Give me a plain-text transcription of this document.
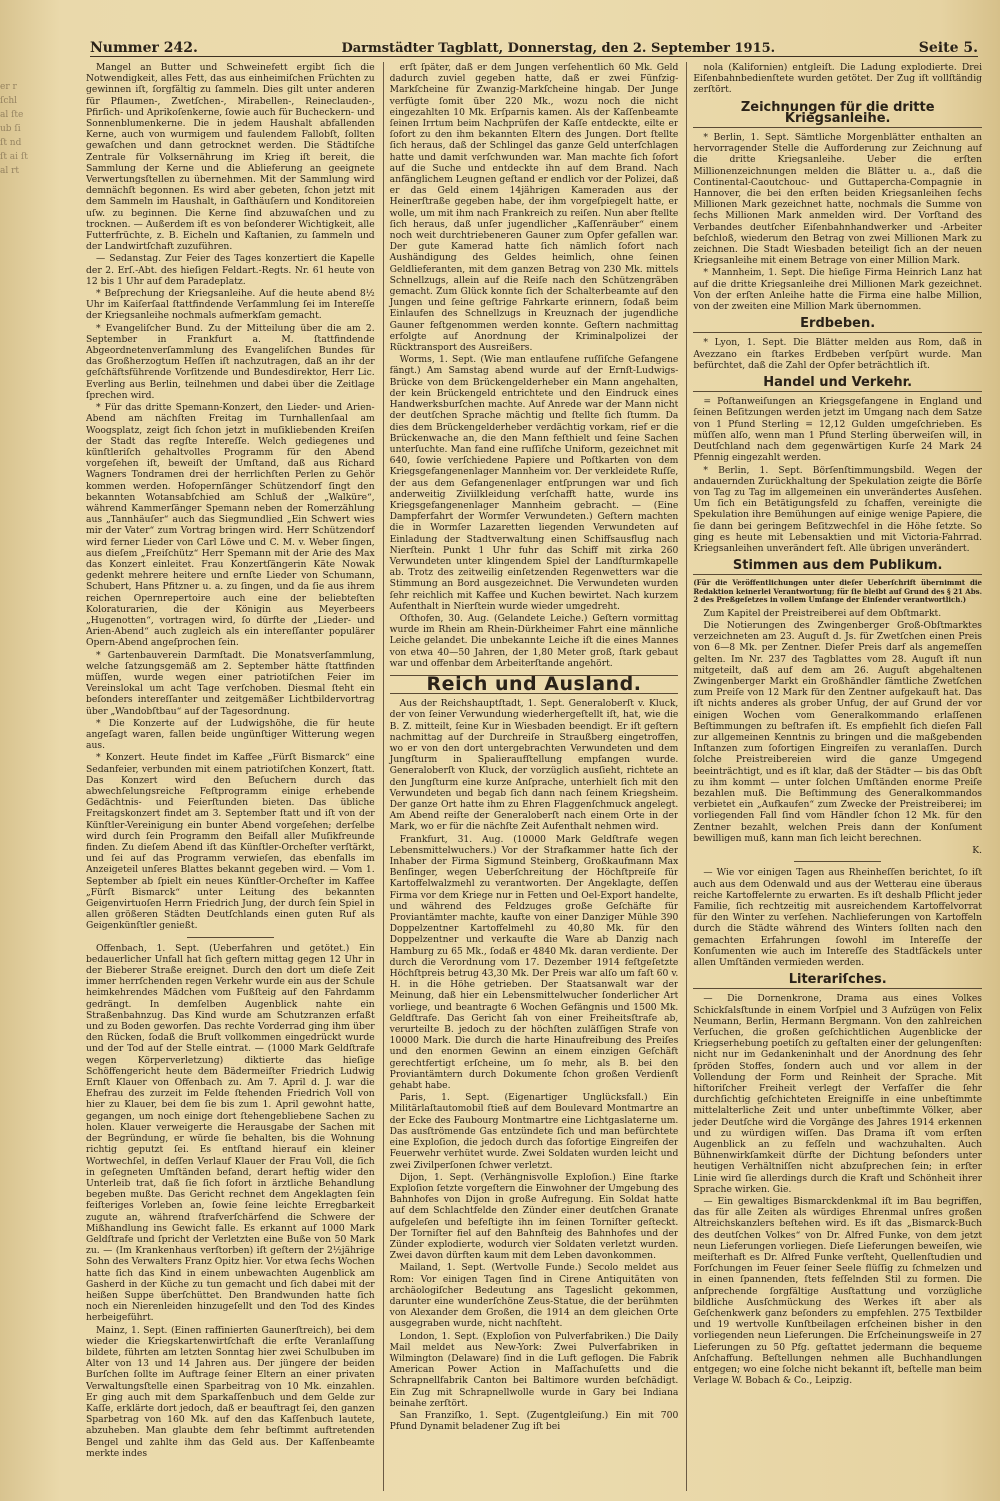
er r ſchl al ſte ub ſi ſt nd ſt ai ſt al rt
Nummer 242.	Darmstädter Tagblatt, Donnerstag, den 2. September 1915.	Seite 5.

Mangel an Butter und Schweinefett ergibt ſich die Notwendigkeit, alles Fett, das aus einheimiſchen Früchten zu gewinnen iſt, ſorgfältig zu ſammeln. Dies gilt unter anderen für Pflaumen-, Zwetſchen-, Mirabellen-, Reineclauden-, Pfirſich- und Aprikoſenkerne, ſowie auch für Bucheckern- und Sonnenblumenkerne. Die in jedem Haushalt abfallenden Kerne, auch von wurmigem und faulendem Fallobſt, ſollten gewaſchen und dann getrocknet werden. Die Städtiſche Zentrale für Volksernährung im Krieg iſt bereit, die Sammlung der Kerne und die Ablieferung an geeignete Verwertungsſtellen zu übernehmen. Mit der Sammlung wird demnächſt begonnen. Es wird aber gebeten, ſchon jetzt mit dem Sammeln im Haushalt, in Gaſthäuſern und Konditoreien uſw. zu beginnen. Die Kerne ſind abzuwaſchen und zu trocknen. — Außerdem iſt es von beſonderer Wichtigkeit, alle Futterfrüchte, z. B. Eicheln und Kaſtanien, zu ſammeln und der Landwirtſchaft zuzuführen.

— Sedanstag. Zur Feier des Tages konzertiert die Kapelle der 2. Erſ.-Abt. des hieſigen Feldart.-Regts. Nr. 61 heute von 12 bis 1 Uhr auf dem Paradeplatz.

* Beſprechung der Kriegsanleihe. Auf die heute abend 8½ Uhr im Kaiſerſaal ſtattfindende Verſammlung ſei im Intereſſe der Kriegsanleihe nochmals aufmerkſam gemacht.

* Evangeliſcher Bund. Zu der Mitteilung über die am 2. September in Frankfurt a. M. ſtattfindende Abgeordnetenverſammlung des Evangeliſchen Bundes für das Großherzogtum Heſſen iſt nachzutragen, daß an ihr der geſchäftsführende Vorſitzende und Bundesdirektor, Herr Lic. Everling aus Berlin, teilnehmen und dabei über die Zeitlage ſprechen wird.

* Für das dritte Spemann-Konzert, den Lieder- und Arien-Abend am nächſten Freitag im Turnhallenſaal am Woogsplatz, zeigt ſich ſchon jetzt in muſikliebenden Kreiſen der Stadt das regſte Intereſſe. Welch gediegenes und künſtleriſch gehaltvolles Programm für den Abend vorgeſehen iſt, beweiſt der Umſtand, daß aus Richard Wagners Tondramen drei der herrlichſten Perlen zu Gehör kommen werden. Hofopernſänger Schützendorf ſingt den bekannten Wotansabſchied am Schluß der „Walküre“, während Kammerſänger Spemann neben der Romerzählung aus „Tannhäuſer“ auch das Siegmundlied „Ein Schwert wies mir der Vater“ zum Vortrag bringen wird. Herr Schützendorf wird ferner Lieder von Carl Löwe und C. M. v. Weber ſingen, aus dieſem „Freiſchütz“ Herr Spemann mit der Arie des Max das Konzert einleitet. Frau Konzertſängerin Käte Nowak gedenkt mehrere heitere und ernſte Lieder von Schumann, Schubert, Hans Pfitzner u. a. zu ſingen, und da ſie aus ihrem reichen Opernrepertoire auch eine der beliebteſten Koloraturarien, die der Königin aus Meyerbeers „Hugenotten“, vortragen wird, ſo dürfte der „Lieder- und Arien-Abend“ auch zugleich als ein intereſſanter populärer Opern-Abend angeſprochen ſein.

* Gartenbauverein Darmſtadt. Die Monatsverſammlung, welche ſatzungsgemäß am 2. September hätte ſtattfinden müſſen, wurde wegen einer patriotiſchen Feier im Vereinslokal um acht Tage verſchoben. Diesmal ſteht ein beſonders intereſſanter und zeitgemäßer Lichtbildervortrag über „Wandobſtbau“ auf der Tagesordnung.

* Die Konzerte auf der Ludwigshöhe, die für heute angeſagt waren, fallen beide ungünſtiger Witterung wegen aus.

* Konzert. Heute findet im Kaffee „Fürſt Bismarck“ eine Sedanfeier, verbunden mit einem patriotiſchen Konzert, ſtatt. Das Konzert wird den Beſuchern durch das abwechſelungsreiche Feſtprogramm einige erhebende Gedächtnis- und Feierſtunden bieten. Das übliche Freitagskonzert findet am 3. September ſtatt und iſt von der Künſtler-Vereinigung ein bunter Abend vorgeſehen; derſelbe wird durch ſein Programm den Beifall aller Muſikfreunde finden. Zu dieſem Abend iſt das Künſtler-Orcheſter verſtärkt, und ſei auf das Programm verwieſen, das ebenfalls im Anzeigeteil unſeres Blattes bekannt gegeben wird. — Vom 1. September ab ſpielt ein neues Künſtler-Orcheſter im Kaffee „Fürſt Bismarck“ unter Leitung des bekannten Geigenvirtuoſen Herrn Friedrich Jung, der durch ſein Spiel in allen größeren Städten Deutſchlands einen guten Ruf als Geigenkünſtler genießt.

Offenbach, 1. Sept. (Ueberfahren und getötet.) Ein bedauerlicher Unfall hat ſich geſtern mittag gegen 12 Uhr in der Bieberer Straße ereignet. Durch den dort um dieſe Zeit immer herrſchenden regen Verkehr wurde ein aus der Schule heimkehrendes Mädchen vom Fußſteig auf den Fahrdamm gedrängt. In demſelben Augenblick nahte ein Straßenbahnzug. Das Kind wurde am Schutzranzen erfaßt und zu Boden geworfen. Das rechte Vorderrad ging ihm über den Rücken, ſodaß die Bruſt vollkommen eingedrückt wurde und der Tod auf der Stelle eintrat. — (1000 Mark Geldſtrafe wegen Körperverletzung) diktierte das hieſige Schöffengericht heute dem Bädermeiſter Friedrich Ludwig Ernſt Klauer von Offenbach zu. Am 7. April d. J. war die Ehefrau des zurzeit im Felde ſtehenden Friedrich Voll von hier zu Klauer, bei dem ſie bis zum 1. April gewohnt hatte, gegangen, um noch einige dort ſtehengebliebene Sachen zu holen. Klauer verweigerte die Herausgabe der Sachen mit der Begründung, er würde ſie behalten, bis die Wohnung richtig geputzt ſei. Es entſtand hierauf ein kleiner Wortwechſel, in deſſen Verlauf Klauer der Frau Voll, die ſich in geſegneten Umſtänden befand, derart heftig wider den Unterleib trat, daß ſie ſich ſofort in ärztliche Behandlung begeben mußte. Das Gericht rechnet dem Angeklagten ſein feiſteriges Vorleben an, ſowie ſeine leichte Erregbarkeit zugute an, während ſtrafverſchärfend die Schwere der Mißhandlung ins Gewicht falle. Es erkannt auf 1000 Mark Geldſtrafe und ſpricht der Verletzten eine Buße von 50 Mark zu. — (Im Krankenhaus verſtorben) iſt geſtern der 2½jährige Sohn des Verwalters Franz Opitz hier. Vor etwa ſechs Wochen hatte ſich das Kind in einem unbewachten Augenblick am Gasherd in der Küche zu tun gemacht und ſich dabei mit der heißen Suppe überſchüttet. Den Brandwunden hatte ſich noch ein Nierenleiden hinzugeſellt und den Tod des Kindes herbeigeführt.

Mainz, 1. Sept. (Einen raffinierten Gaunerſtreich), bei dem wieder die Kriegskartenwirtſchaft die erſte Veranlaſſung bildete, führten am letzten Sonntag hier zwei Schulbuben im Alter von 13 und 14 Jahren aus. Der jüngere der beiden Burſchen ſollte im Auftrage ſeiner Eltern an einer privaten Verwaltungsſtelle einen Sparbeitrag von 10 Mk. einzahlen. Er ging auch mit dem Sparkaſſenbuch und dem Gelde zur Kaſſe, erklärte dort jedoch, daß er beauftragt ſei, den ganzen Sparbetrag von 160 Mk. auf den das Kaſſenbuch lautete, abzuheben. Man glaubte dem ſehr beſtimmt auftretenden Bengel und zahlte ihm das Geld aus. Der Kaſſenbeamte merkte indes

erſt ſpäter, daß er dem Jungen verſehentlich 60 Mk. Geld dadurch zuviel gegeben hatte, daß er zwei Fünfzig-Markſcheine für Zwanzig-Markſcheine hingab. Der Junge verfügte ſomit über 220 Mk., wozu noch die nicht eingezahlten 10 Mk. Erſparnis kamen. Als der Kaſſenbeamte ſeinen Irrtum beim Nachprüfen der Kaſſe entdeckte, eilte er ſofort zu den ihm bekannten Eltern des Jungen. Dort ſtellte ſich heraus, daß der Schlingel das ganze Geld unterſchlagen hatte und damit verſchwunden war. Man machte ſich ſofort auf die Suche und entdeckte ihn auf dem Brand. Nach anfänglichem Leugnen geſtand er endlich vor der Polizei, daß er das Geld einem 14jährigen Kameraden aus der Heinerſtraße gegeben habe, der ihm vorgeſpiegelt hatte, er wolle, um mit ihm nach Frankreich zu reiſen. Nun aber ſtellte ſich heraus, daß unſer jugendlicher „Kaſſenräuber“ einem noch weit durchtriebeneren Gauner zum Opfer gefallen war. Der gute Kamerad hatte ſich nämlich ſofort nach Aushändigung des Geldes heimlich, ohne ſeinen Geldlieferanten, mit dem ganzen Betrag von 230 Mk. mittels Schnellzugs, allein auf die Reiſe nach den Schützengräben gemacht. Zum Glück konnte ſich der Schalterbeamte auf den Jungen und ſeine geſtrige Fahrkarte erinnern, ſodaß beim Einlaufen des Schnellzugs in Kreuznach der jugendliche Gauner feſtgenommen werden konnte. Geſtern nachmittag erfolgte auf Anordnung der Kriminalpolizei der Rücktransport des Ausreißers.

Worms, 1. Sept. (Wie man entlaufene ruſſiſche Gefangene fängt.) Am Samstag abend wurde auf der Ernſt-Ludwigs-Brücke von dem Brückengelderheber ein Mann angehalten, der kein Brückengeld entrichtete und den Eindruck eines Handwerksburſchen machte. Auf Anrede war der Mann nicht der deutſchen Sprache mächtig und ſtellte ſich ſtumm. Da dies dem Brückengelderheber verdächtig vorkam, rief er die Brückenwache an, die den Mann feſthielt und ſeine Sachen unterſuchte. Man fand eine ruſſiſche Uniform, gezeichnet mit 640, ſowie verſchiedene Papiere und Poſtkarten von dem Kriegsgefangenenlager Mannheim vor. Der verkleidete Ruſſe, der aus dem Gefangenenlager entſprungen war und ſich anderweitig Ziviilkleidung verſchafft hatte, wurde ins Kriegsgefangenenlager Mannheim gebracht. — (Eine Dampferfahrt der Wormſer Verwundeten.) Geſtern machten die in Wormſer Lazaretten liegenden Verwundeten auf Einladung der Stadtverwaltung einen Schiffsausflug nach Nierſtein. Punkt 1 Uhr fuhr das Schiff mit zirka 260 Verwundeten unter klingendem Spiel der Landſturmkapelle ab. Trotz des zeitweilig einſetzenden Regenwetters war die Stimmung an Bord ausgezeichnet. Die Verwundeten wurden ſehr reichlich mit Kaffee und Kuchen bewirtet. Nach kurzem Aufenthalt in Nierſtein wurde wieder umgedreht.

Oſthofen, 30. Aug. (Gelandete Leiche.) Geſtern vormittag wurde im Rhein am Rhein-Dürkheimer Fahrt eine männliche Leiche gelandet. Die unbekannte Leiche iſt die eines Mannes von etwa 40—50 Jahren, der 1,80 Meter groß, ſtark gebaut war und offenbar dem Arbeiterſtande angehört.

Reich und Ausland.

Aus der Reichshauptſtadt, 1. Sept. Generaloberſt v. Kluck, der von ſeiner Verwundung wiederhergeſtellt iſt, hat, wie die B. Z. mitteilt, ſeine Kur in Wiesbaden beendigt. Er iſt geſtern nachmittag auf der Durchreiſe in Straußberg eingetroffen, wo er von den dort untergebrachten Verwundeten und dem Jungſturm in Spalieraufſtellung empfangen wurde. Generaloberſt von Kluck, der vorzüglich ausſieht, richtete an den Jungſturm eine kurze Anſprache, unterhielt ſich mit den Verwundeten und begab ſich dann nach ſeinem Kriegsheim. Der ganze Ort hatte ihm zu Ehren Flaggenſchmuck angelegt. Am Abend reiſte der Generaloberſt nach einem Orte in der Mark, wo er für die nächſte Zeit Aufenthalt nehmen wird.

Frankfurt, 31. Aug. (10000 Mark Geldſtrafe wegen Lebensmittelwuchers.) Vor der Strafkammer hatte ſich der Inhaber der Firma Sigmund Steinberg, Großkaufmann Max Benſinger, wegen Ueberſchreitung der Höchſtpreiſe für Kartoffelwalzmehl zu verantworten. Der Angeklagte, deſſen Firma vor dem Kriege nur in Fetten und Oel-Export handelte, und während des Feldzuges große Geſchäfte für Proviantämter machte, kaufte von einer Danziger Mühle 390 Doppelzentner Kartoffelmehl zu 40,80 Mk. für den Doppelzentner und verkaufte die Ware ab Danzig nach Hamburg zu 65 Mk., ſodaß er 4840 Mk. daran verdiente. Der durch die Verordnung vom 17. Dezember 1914 feſtgeſetzte Höchſtpreis betrug 43,30 Mk. Der Preis war alſo um faſt 60 v. H. in die Höhe getrieben. Der Staatsanwalt war der Meinung, daß hier ein Lebensmittelwucher ſonderlicher Art vorliege, und beantragte 6 Wochen Gefängnis und 1500 Mk. Geldſtrafe. Das Gericht ſah von einer Freiheitsſtrafe ab, verurteilte B. jedoch zu der höchſten zuläſſigen Strafe von 10000 Mark. Die durch die harte Hinaufreibung des Preiſes und den enormen Gewinn an einem einzigen Geſchäft gerechtfertigt erſcheine, um ſo mehr, als B. bei den Proviantämtern durch Dokumente ſchon großen Verdienſt gehabt habe.

Paris, 1. Sept. (Eigenartiger Unglücksfall.) Ein Militärlaſtautomobil ſtieß auf dem Boulevard Montmartre an der Ecke des Faubourg Montmartre eine Lichtgaslaterne um. Das ausſtrömende Gas entzündete ſich und man befürchtete eine Exploſion, die jedoch durch das ſofortige Eingreifen der Feuerwehr verhütet wurde. Zwei Soldaten wurden leicht und zwei Zivilperſonen ſchwer verletzt.

Dijon, 1. Sept. (Verhängnisvolle Exploſion.) Eine ſtarke Exploſion ſetzte vorgeſtern die Einwohner der Umgebung des Bahnhofes von Dijon in große Aufregung. Ein Soldat hatte auf dem Schlachtfelde den Zünder einer deutſchen Granate aufgeleſen und befeſtigte ihn im ſeinen Torniſter geſteckt. Der Torniſter fiel auf den Bahnſteig des Bahnhofes und der Zünder explodierte, wodurch vier Soldaten verletzt wurden. Zwei davon dürften kaum mit dem Leben davonkommen.

Mailand, 1. Sept. (Wertvolle Funde.) Secolo meldet aus Rom: Vor einigen Tagen ſind in Cirene Antiquitäten von archäologiſcher Bedeutung ans Tageslicht gekommen, darunter eine wunderſchöne Zeus-Statue, die der berühmten von Alexander dem Großen, die 1914 an dem gleichen Orte ausgegraben wurde, nicht nachſteht.

London, 1. Sept. (Exploſion von Pulverfabriken.) Die Daily Mail meldet aus New-York: Zwei Pulverfabriken in Wilmington (Delaware) ſind in die Luft geflogen. Die Fabrik American Power Action in Maſſachuſetts und die Schrapnellfabrik Canton bei Baltimore wurden beſchädigt. Ein Zug mit Schrapnellwolle wurde in Gary bei Indiana beinahe zerſtört.

San Franziſko, 1. Sept. (Zugentgleiſung.) Ein mit 700 Pfund Dynamit beladener Zug iſt bei

nola (Kalifornien) entgleiſt. Die Ladung explodierte. Drei Eiſenbahnbedienſtete wurden getötet. Der Zug iſt vollſtändig zerſtört.

Zeichnungen für die dritte Kriegsanleihe.

* Berlin, 1. Sept. Sämtliche Morgenblätter enthalten an hervorragender Stelle die Aufforderung zur Zeichnung auf die dritte Kriegsanleihe. Ueber die erſten Millionenzeichnungen melden die Blätter u. a., daß die Continental-Caoutchouc- und Guttapercha-Compagnie in Hannover, die bei den erſten beiden Kriegsanleihen ſechs Millionen Mark gezeichnet hatte, nochmals die Summe von ſechs Millionen Mark anmelden wird. Der Vorſtand des Verbandes deutſcher Eiſenbahnhandwerker und -Arbeiter beſchloß, wiederum den Betrag von zwei Millionen Mark zu zeichnen. Die Stadt Wiesbaden beteiligt ſich an der neuen Kriegsanleihe mit einem Betrage von einer Million Mark.

* Mannheim, 1. Sept. Die hieſige Firma Heinrich Lanz hat auf die dritte Kriegsanleihe drei Millionen Mark gezeichnet. Von der erſten Anleihe hatte die Firma eine halbe Million, von der zweiten eine Million Mark übernommen.

Erdbeben.

* Lyon, 1. Sept. Die Blätter melden aus Rom, daß in Avezzano ein ſtarkes Erdbeben verſpürt wurde. Man befürchtet, daß die Zahl der Opfer beträchtlich iſt.

Handel und Verkehr.

= Poſtanweiſungen an Kriegsgefangene in England und ſeinen Beſitzungen werden jetzt im Umgang nach dem Satze von 1 Pfund Sterling = 12,12 Gulden umgeſchrieben. Es müſſen alſo, wenn man 1 Pfund Sterling überweiſen will, in Deutſchland nach dem gegenwärtigen Kurſe 24 Mark 24 Pfennig eingezahlt werden.

* Berlin, 1. Sept. Börſenſtimmungsbild. Wegen der andauernden Zurückhaltung der Spekulation zeigte die Börſe von Tag zu Tag im allgemeinen ein unverändertes Ausſehen. Um ſich ein Betätigungsfeld zu ſchaffen, vereinigte die Spekulation ihre Bemühungen auf einige wenige Papiere, die ſie dann bei geringem Beſitzwechſel in die Höhe ſetzte. So ging es heute mit Lebensaktien und mit Victoria-Fahrrad. Kriegsanleihen unverändert feſt. Alle übrigen unverändert.

Stimmen aus dem Publikum.
(Für die Veröffentlichungen unter dieſer Ueberſchrift übernimmt die Redaktion keinerlei Verantwortung; für ſie bleibt auf Grund des § 21 Abs. 2 des Preßgeſetzes in vollem Umfange der Einſender verantwortlich.)

Zum Kapitel der Preistreiberei auf dem Obſtmarkt.

Die Notierungen des Zwingenberger Groß-Obſtmarktes verzeichneten am 23. Auguſt d. Js. für Zwetſchen einen Preis von 6—8 Mk. per Zentner. Dieſer Preis darf als angemeſſen gelten. Im Nr. 237 des Tagblattes vom 28. Auguſt iſt nun mitgeteilt, daß auf dem am 26. Auguſt abgehaltenen Zwingenberger Markt ein Großhändler ſämtliche Zwetſchen zum Preiſe von 12 Mark für den Zentner aufgekauft hat. Das iſt nichts anderes als grober Unfug, der auf Grund der vor einigen Wochen vom Generalkommando erlaſſenen Beſtimmungen zu beſtrafen iſt. Es empfiehlt ſich dieſen Fall zur allgemeinen Kenntnis zu bringen und die maßgebenden Inſtanzen zum ſofortigen Eingreifen zu veranlaſſen. Durch ſolche Preistreibereien wird die ganze Umgegend beeinträchtigt, und es iſt klar, daß der Städter — bis das Obſt zu ihm kommt — unter ſolchen Umſtänden enorme Preiſe bezahlen muß. Die Beſtimmung des Generalkommandos verbietet ein „Aufkaufen“ zum Zwecke der Preistreiberei; im vorliegenden Fall ſind vom Händler ſchon 12 Mk. für den Zentner bezahlt, welchen Preis dann der Konſument bewilligen muß, kann man ſich leicht berechnen.

K.

— Wie vor einigen Tagen aus Rheinheſſen berichtet, ſo iſt auch aus dem Odenwald und aus der Wetterau eine überaus reiche Kartoffelernte zu erwarten. Es iſt deshalb Pflicht jeder Familie, ſich rechtzeitig mit ausreichendem Kartoffelvorrat für den Winter zu verſehen. Nachlieferungen von Kartoffeln durch die Städte während des Winters ſollten nach den gemachten Erfahrungen ſowohl im Intereſſe der Konſumenten wie auch im Intereſſe des Stadtſäckels unter allen Umſtänden vermieden werden.

Literariſches.

— Die Dornenkrone, Drama aus eines Volkes Schickſalsſtunde in einem Vorſpiel und 3 Aufzügen von Felix Neumann, Berlin, Hermann Bergmann. Von den zahlreichen Verſuchen, die großen geſchichtlichen Augenblicke der Kriegserhebung poetiſch zu geſtalten einer der gelungenſten: nicht nur im Gedankeninhalt und der Anordnung des ſehr ſpröden Stoffes, ſondern auch und vor allem in der Vollendung der Form und Reinheit der Sprache. Mit hiſtoriſcher Freiheit verlegt der Verfaſſer die ſehr durchſichtig geſchichteten Ereigniſſe in eine unbeſtimmte mittelalterliche Zeit und unter unbeſtimmte Völker, aber jeder Deutſche wird die Vorgänge des Jahres 1914 erkennen und zu würdigen wiſſen. Das Drama iſt vom erſten Augenblick an zu feſſeln und wachzuhalten. Auch Bühnenwirkſamkeit dürfte der Dichtung beſonders unter heutigen Verhältniſſen nicht abzuſprechen ſein; in erſter Linie wird ſie allerdings durch die Kraft und Schönheit ihrer Sprache wirken. Gie.

— Ein gewaltiges Bismarckdenkmal iſt im Bau begriffen, das für alle Zeiten als würdiges Ehrenmal unſres großen Altreichskanzlers beſtehen wird. Es iſt das „Bismarck-Buch des deutſchen Volkes“ von Dr. Alfred Funke, von dem jetzt neun Lieferungen vorliegen. Dieſe Lieferungen beweiſen, wie meiſterhaft es Dr. Alfred Funke verſteht, Quellenſtudien und Forſchungen im Feuer ſeiner Seele flüſſig zu ſchmelzen und in einen ſpannenden, ſtets feſſelnden Stil zu formen. Die anſprechende ſorgfältige Ausſtattung und vorzügliche bildliche Ausſchmückung des Werkes iſt aber als Geſchenkwerk ganz beſonders zu empfehlen. 275 Textbilder und 19 wertvolle Kunſtbeilagen erſcheinen bisher in den vorliegenden neun Lieferungen. Die Erſcheinungsweiſe in 27 Lieferungen zu 50 Pfg. geſtattet jedermann die bequeme Anſchaffung. Beſtellungen nehmen alle Buchhandlungen entgegen; wo eine ſolche nicht bekannt iſt, beſtelle man beim Verlage W. Bobach & Co., Leipzig.
